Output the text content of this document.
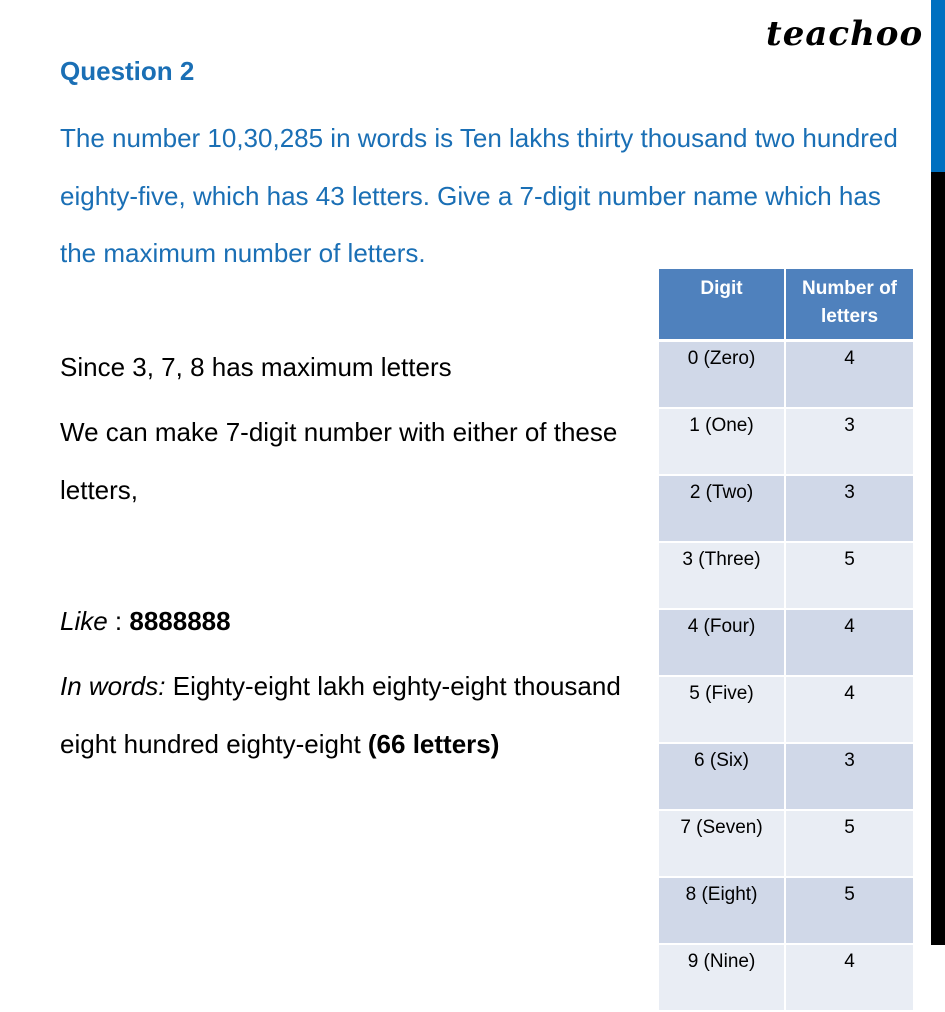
teachoo
Question 2
The number 10,30,285 in words is Ten lakhs thirty thousand two hundred eighty-five, which has 43 letters. Give a 7-digit number name which has the maximum number of letters.
Since 3, 7, 8 has maximum letters
We can make 7-digit number with either of these letters,
Like : 8888888
In words: Eighty-eight lakh eighty-eight thousand eight hundred eighty-eight (66 letters)
Digit	Number of letters
0 (Zero)	4
1 (One)	3
2 (Two)	3
3 (Three)	5
4 (Four)	4
5 (Five)	4
6 (Six)	3
7 (Seven)	5
8 (Eight)	5
9 (Nine)	4
